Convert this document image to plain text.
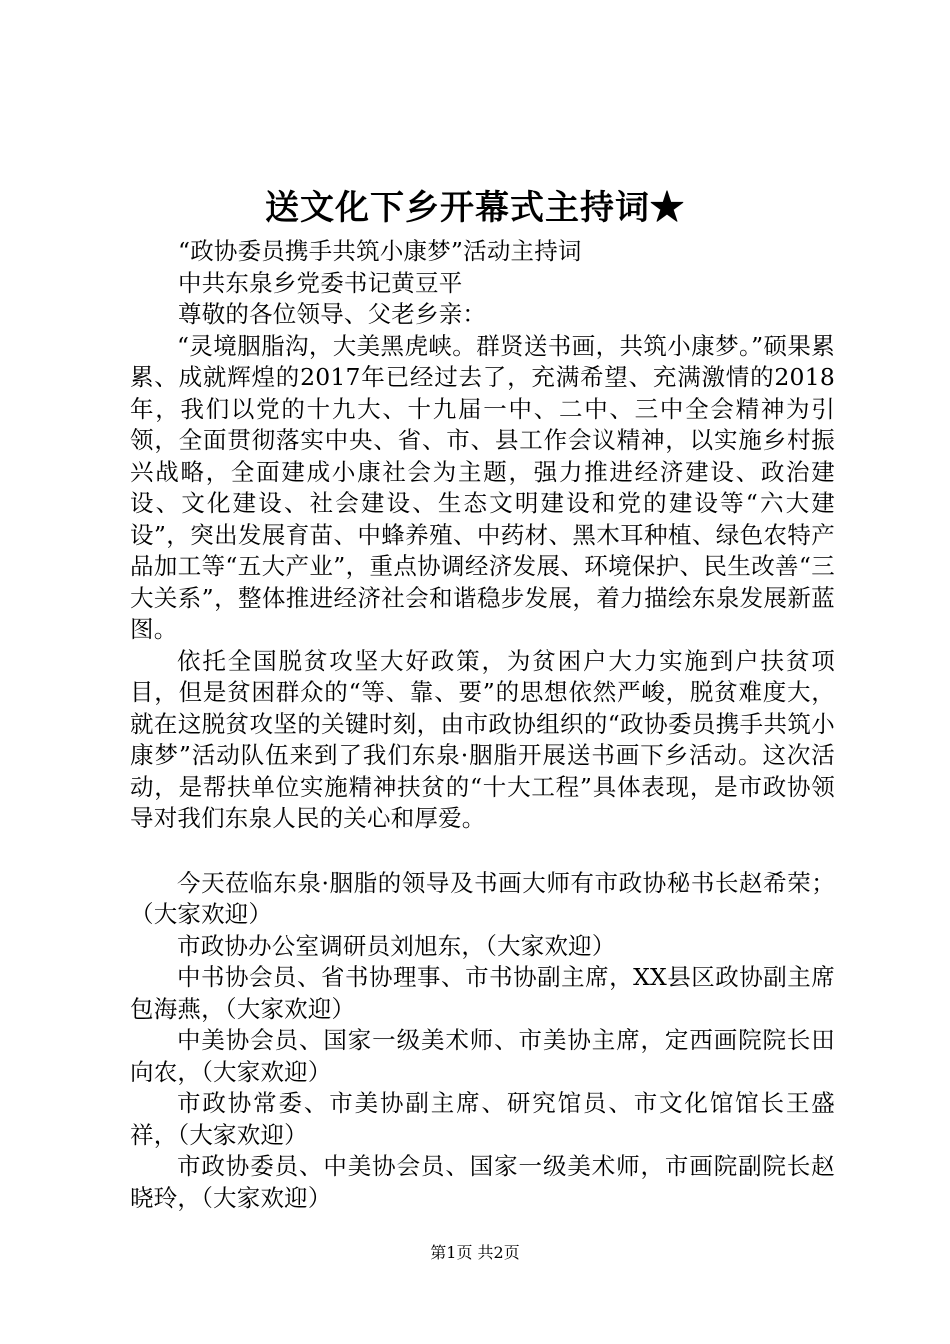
送文化下乡开幕式主持词★
“政协委员携手共筑小康梦”活动主持词
中共东泉乡党委书记黄豆平
尊敬的各位领导、父老乡亲：
“灵境胭脂沟，大美黑虎峡。群贤送书画，共筑小康梦。”硕果累累、成就辉煌的2017年已经过去了，充满希望、充满激情的2018年，我们以党的十九大、十九届一中、二中、三中全会精神为引领，全面贯彻落实中央、省、市、县工作会议精神，以实施乡村振兴战略，全面建成小康社会为主题，强力推进经济建设、政治建设、文化建设、社会建设、生态文明建设和党的建设等“六大建设”，突出发展育苗、中蜂养殖、中药材、黑木耳种植、绿色农特产品加工等“五大产业”，重点协调经济发展、环境保护、民生改善“三大关系”，整体推进经济社会和谐稳步发展，着力描绘东泉发展新蓝图。
依托全国脱贫攻坚大好政策，为贫困户大力实施到户扶贫项目，但是贫困群众的“等、靠、要”的思想依然严峻，脱贫难度大，就在这脱贫攻坚的关键时刻，由市政协组织的“政协委员携手共筑小康梦”活动队伍来到了我们东泉·胭脂开展送书画下乡活动。这次活动，是帮扶单位实施精神扶贫的“十大工程”具体表现，是市政协领导对我们东泉人民的关心和厚爱。
今天莅临东泉·胭脂的领导及书画大师有市政协秘书长赵希荣；（大家欢迎）
市政协办公室调研员刘旭东，（大家欢迎）
中书协会员、省书协理事、市书协副主席，XX县区政协副主席包海燕，（大家欢迎）
中美协会员、国家一级美术师、市美协主席，定西画院院长田向农，（大家欢迎）
市政协常委、市美协副主席、研究馆员、市文化馆馆长王盛祥，（大家欢迎）
市政协委员、中美协会员、国家一级美术师，市画院副院长赵晓玲，（大家欢迎）
第1页 共2页
